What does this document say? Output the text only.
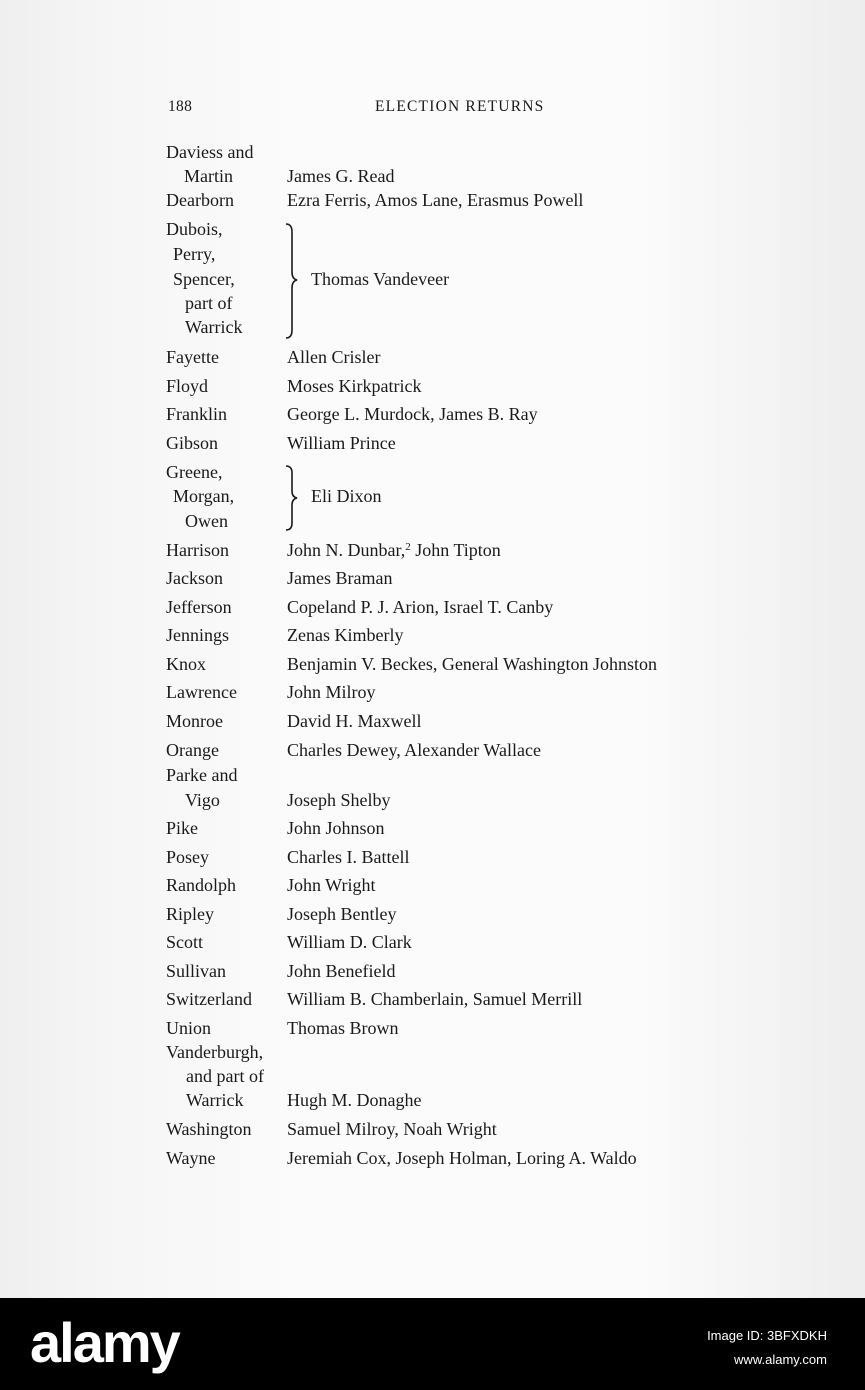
188	ELECTION RETURNS
Daviess and
Martin
Dearborn
Dubois,
Perry,
Spencer,
part of
Warrick
Fayette
Floyd
Franklin
Gibson
Greene,
Morgan,
Owen
Harrison
Jackson
Jefferson
Jennings
Knox
Lawrence
Monroe
Orange
Parke and
Vigo
Pike
Posey
Randolph
Ripley
Scott
Sullivan
Switzerland
Union
Vanderburgh,
and part of
Warrick
Washington
Wayne
James G. Read
Ezra Ferris, Amos Lane, Erasmus Powell
Thomas Vandeveer
Allen Crisler
Moses Kirkpatrick
George L. Murdock, James B. Ray
William Prince
Eli Dixon
John N. Dunbar,$^2$ John Tipton
James Braman
Copeland P. J. Arion, Israel T. Canby
Zenas Kimberly
Benjamin V. Beckes, General Washington Johnston
John Milroy
David H. Maxwell
Charles Dewey, Alexander Wallace
Joseph Shelby
John Johnson
Charles I. Battell
John Wright
Joseph Bentley
William D. Clark
John Benefield
William B. Chamberlain, Samuel Merrill
Thomas Brown
Hugh M. Donaghe
Samuel Milroy, Noah Wright
Jeremiah Cox, Joseph Holman, Loring A. Waldo
alamy	Image ID: 3BFXDKH
www.alamy.com
